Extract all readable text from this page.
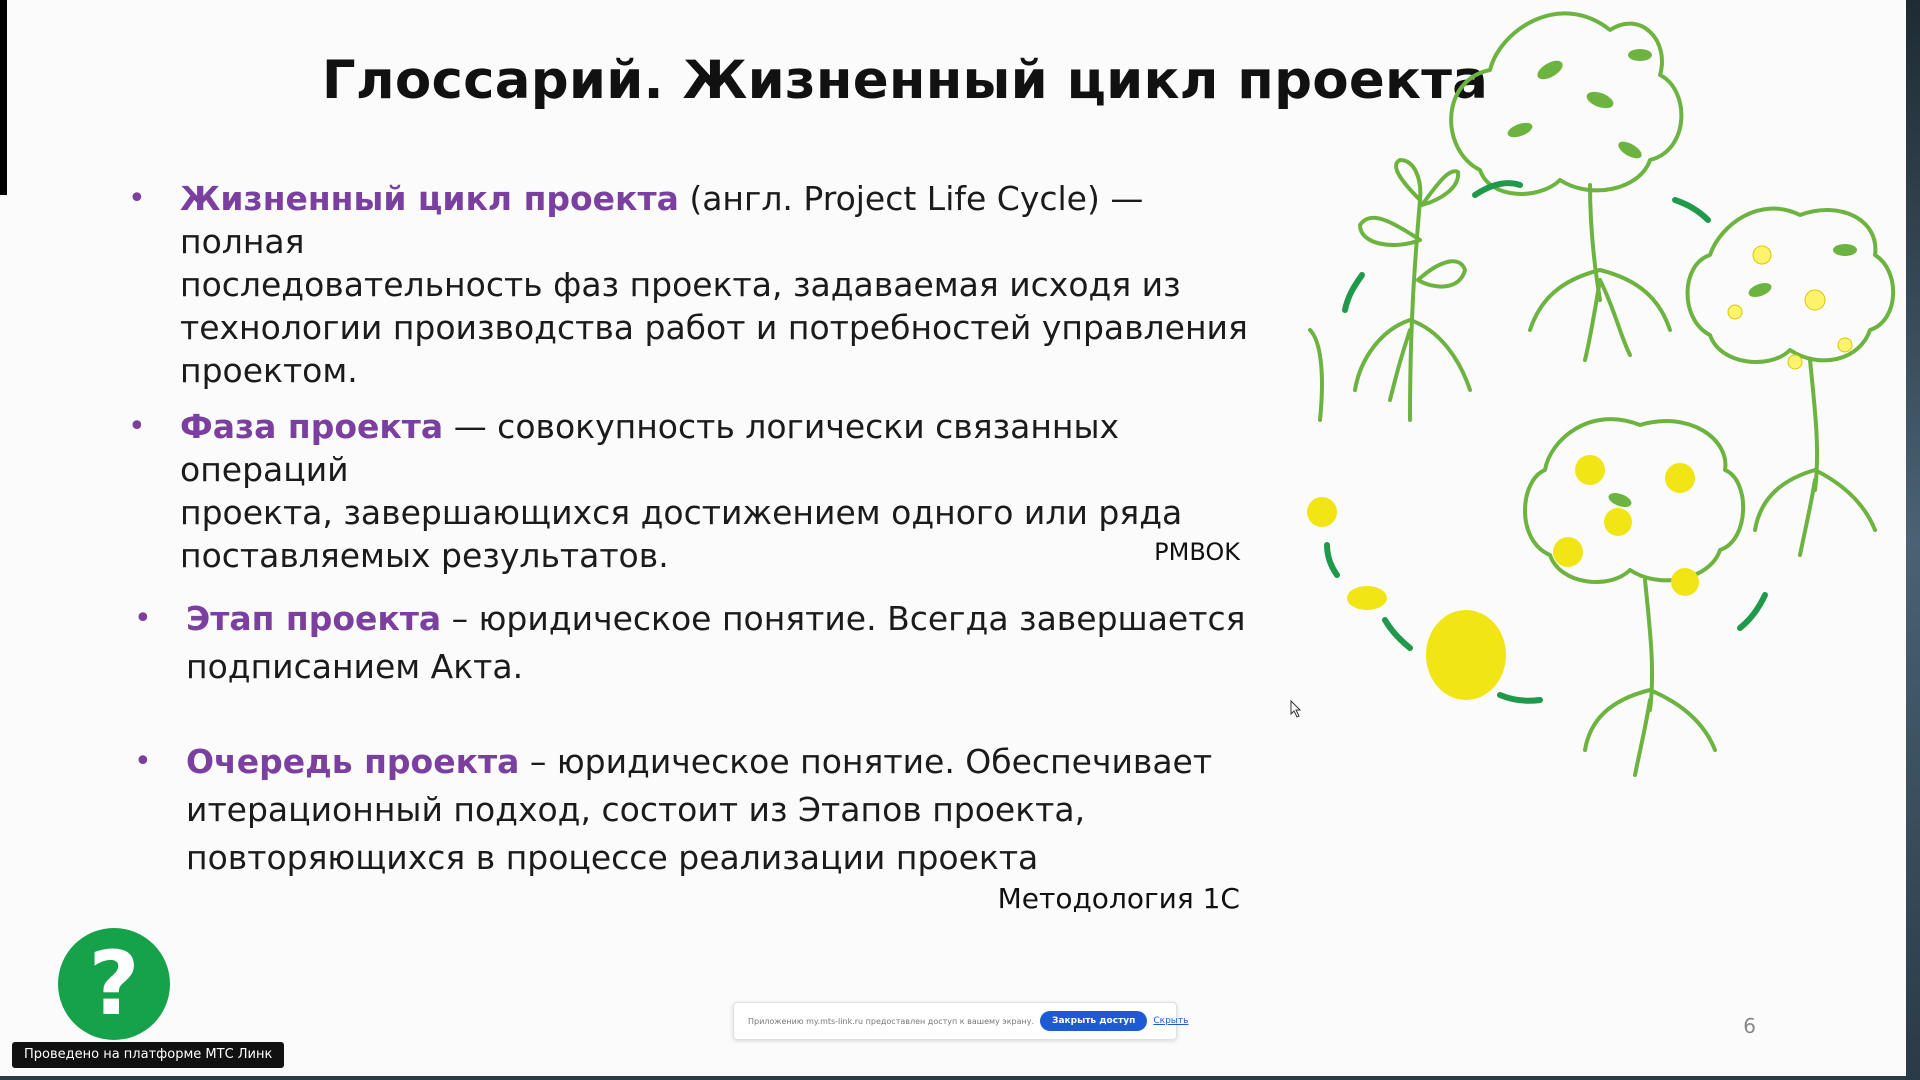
Глоссарий. Жизненный цикл проекта
• Жизненный цикл проекта (англ. Project Life Cycle) — полная
последовательность фаз проекта, задаваемая исходя из
технологии производства работ и потребностей управления
проектом.
• Фаза проекта — совокупность логически связанных операций
проекта, завершающихся достижением одного или ряда
поставляемых результатов.	PMBOK
• Этап проекта – юридическое понятие. Всегда завершается
подписанием Акта.
• Очередь проекта – юридическое понятие. Обеспечивает
итерационный подход, состоит из Этапов проекта,
повторяющихся в процессе реализации проекта
Методология 1С
6
Приложению my.mts-link.ru предоставлен доступ к вашему экрану.	Закрыть доступ	Скрыть
?
Проведено на платформе МТС Линк
